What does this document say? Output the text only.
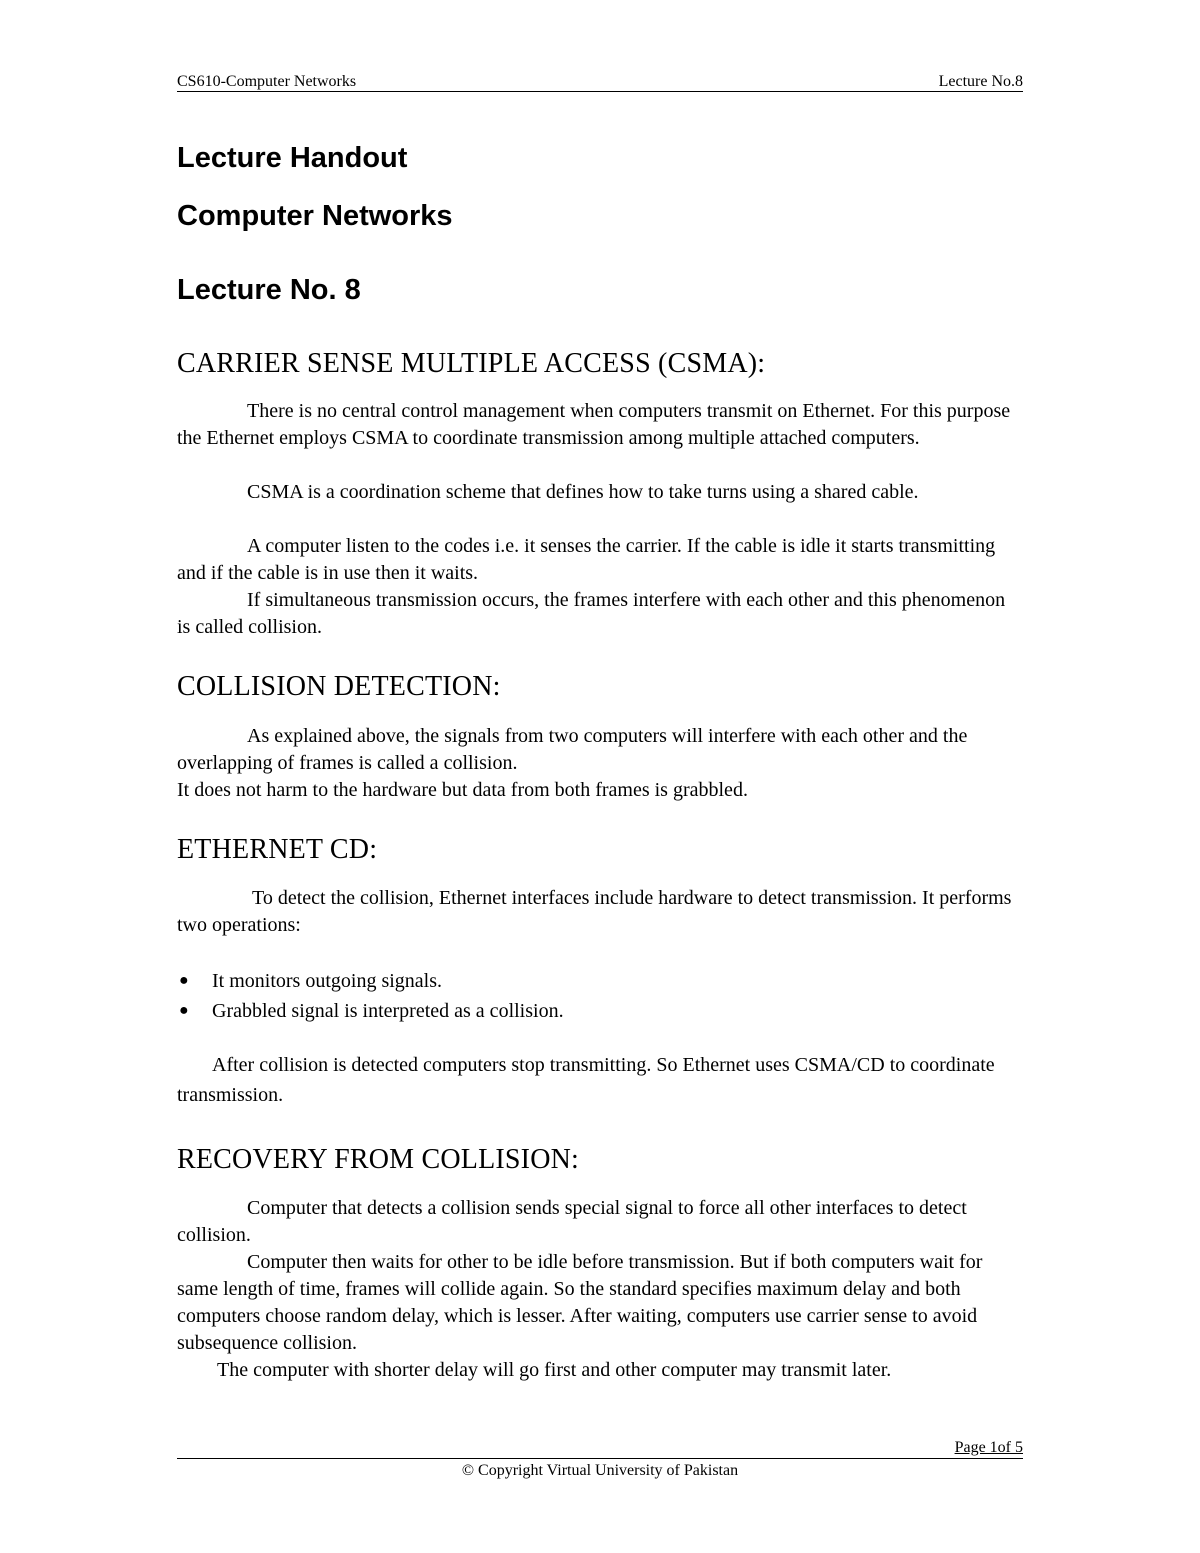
CS610-Computer Networks	Lecture No.8
Lecture Handout
Computer Networks
Lecture No. 8
CARRIER SENSE MULTIPLE ACCESS (CSMA):

There is no central control management when computers transmit on Ethernet. For this purpose the Ethernet employs CSMA to coordinate transmission among multiple attached computers.

CSMA is a coordination scheme that defines how to take turns using a shared cable.

A computer listen to the codes i.e. it senses the carrier. If the cable is idle it starts transmitting and if the cable is in use then it waits.

If simultaneous transmission occurs, the frames interfere with each other and this phenomenon is called collision.

COLLISION DETECTION:

As explained above, the signals from two computers will interfere with each other and the overlapping of frames is called a collision.

It does not harm to the hardware but data from both frames is grabbled.

ETHERNET CD:

To detect the collision, Ethernet interfaces include hardware to detect transmission. It performs two operations:

● It monitors outgoing signals.
● Grabbled signal is interpreted as a collision.

After collision is detected computers stop transmitting. So Ethernet uses CSMA/CD to coordinate transmission.

RECOVERY FROM COLLISION:

Computer that detects a collision sends special signal to force all other interfaces to detect collision.

Computer then waits for other to be idle before transmission. But if both computers wait for same length of time, frames will collide again. So the standard specifies maximum delay and both computers choose random delay, which is lesser. After waiting, computers use carrier sense to avoid subsequence collision.

The computer with shorter delay will go first and other computer may transmit later.

Page 1of 5
© Copyright Virtual University of Pakistan
